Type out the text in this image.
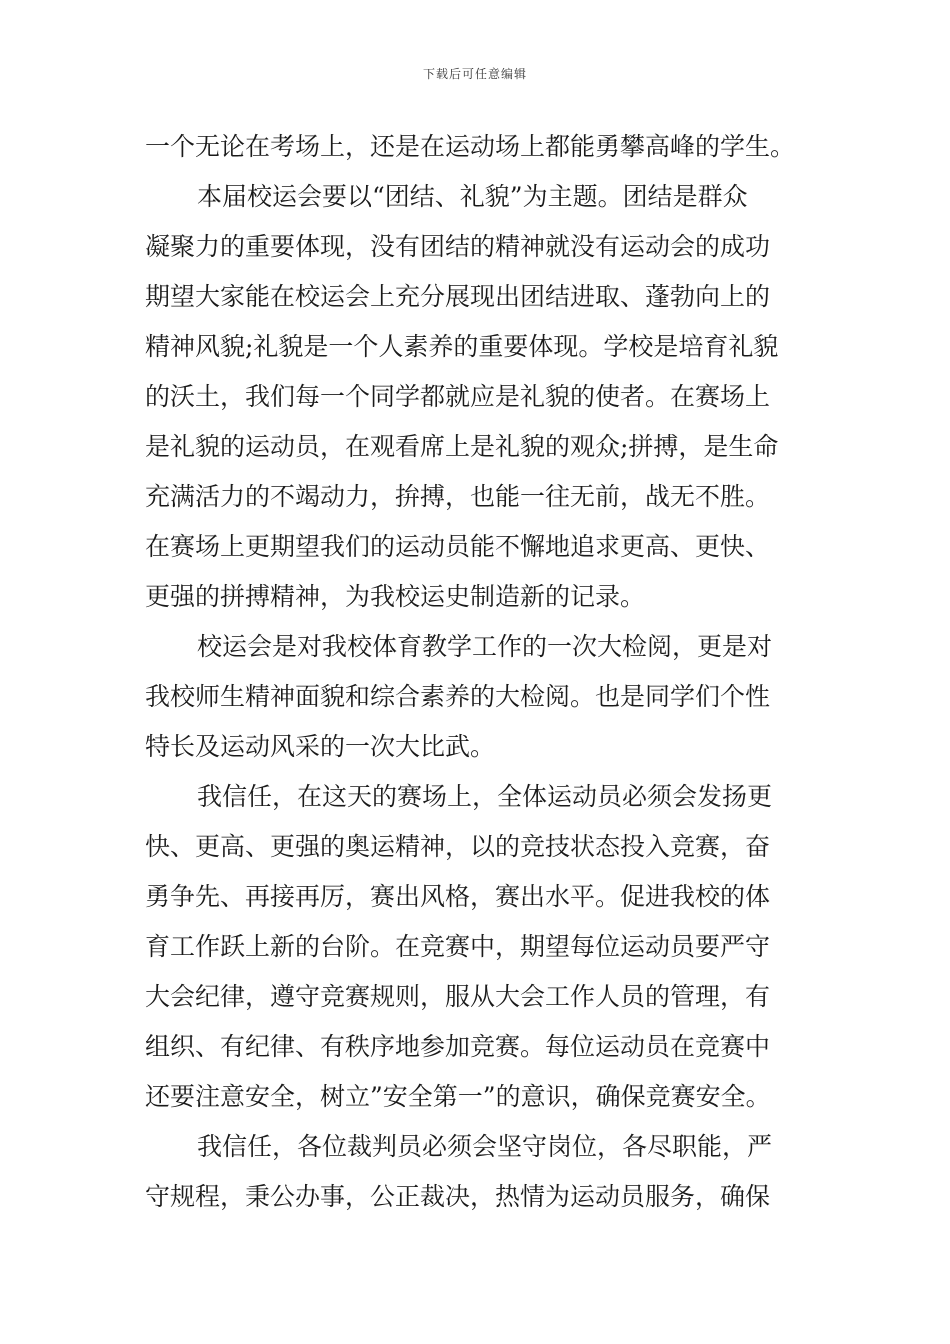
下载后可任意编辑
一个无论在考场上，还是在运动场上都能勇攀高峰的学生。
本届校运会要以“团结、礼貌”为主题。团结是群众
凝聚力的重要体现，没有团结的精神就没有运动会的成功
期望大家能在校运会上充分展现出团结进取、蓬勃向上的
精神风貌;礼貌是一个人素养的重要体现。学校是培育礼貌
的沃土，我们每一个同学都就应是礼貌的使者。在赛场上
是礼貌的运动员，在观看席上是礼貌的观众;拼搏，是生命
充满活力的不竭动力，拚搏，也能一往无前，战无不胜。
在赛场上更期望我们的运动员能不懈地追求更高、更快、
更强的拼搏精神，为我校运史制造新的记录。
校运会是对我校体育教学工作的一次大检阅，更是对
我校师生精神面貌和综合素养的大检阅。也是同学们个性
特长及运动风采的一次大比武。
我信任，在这天的赛场上，全体运动员必须会发扬更
快、更高、更强的奥运精神，以的竞技状态投入竞赛，奋
勇争先、再接再厉，赛出风格，赛出水平。促进我校的体
育工作跃上新的台阶。在竞赛中，期望每位运动员要严守
大会纪律，遵守竞赛规则，服从大会工作人员的管理，有
组织、有纪律、有秩序地参加竞赛。每位运动员在竞赛中
还要注意安全，树立”安全第一”的意识，确保竞赛安全。
我信任，各位裁判员必须会坚守岗位，各尽职能，严
守规程，秉公办事，公正裁决，热情为运动员服务，确保
